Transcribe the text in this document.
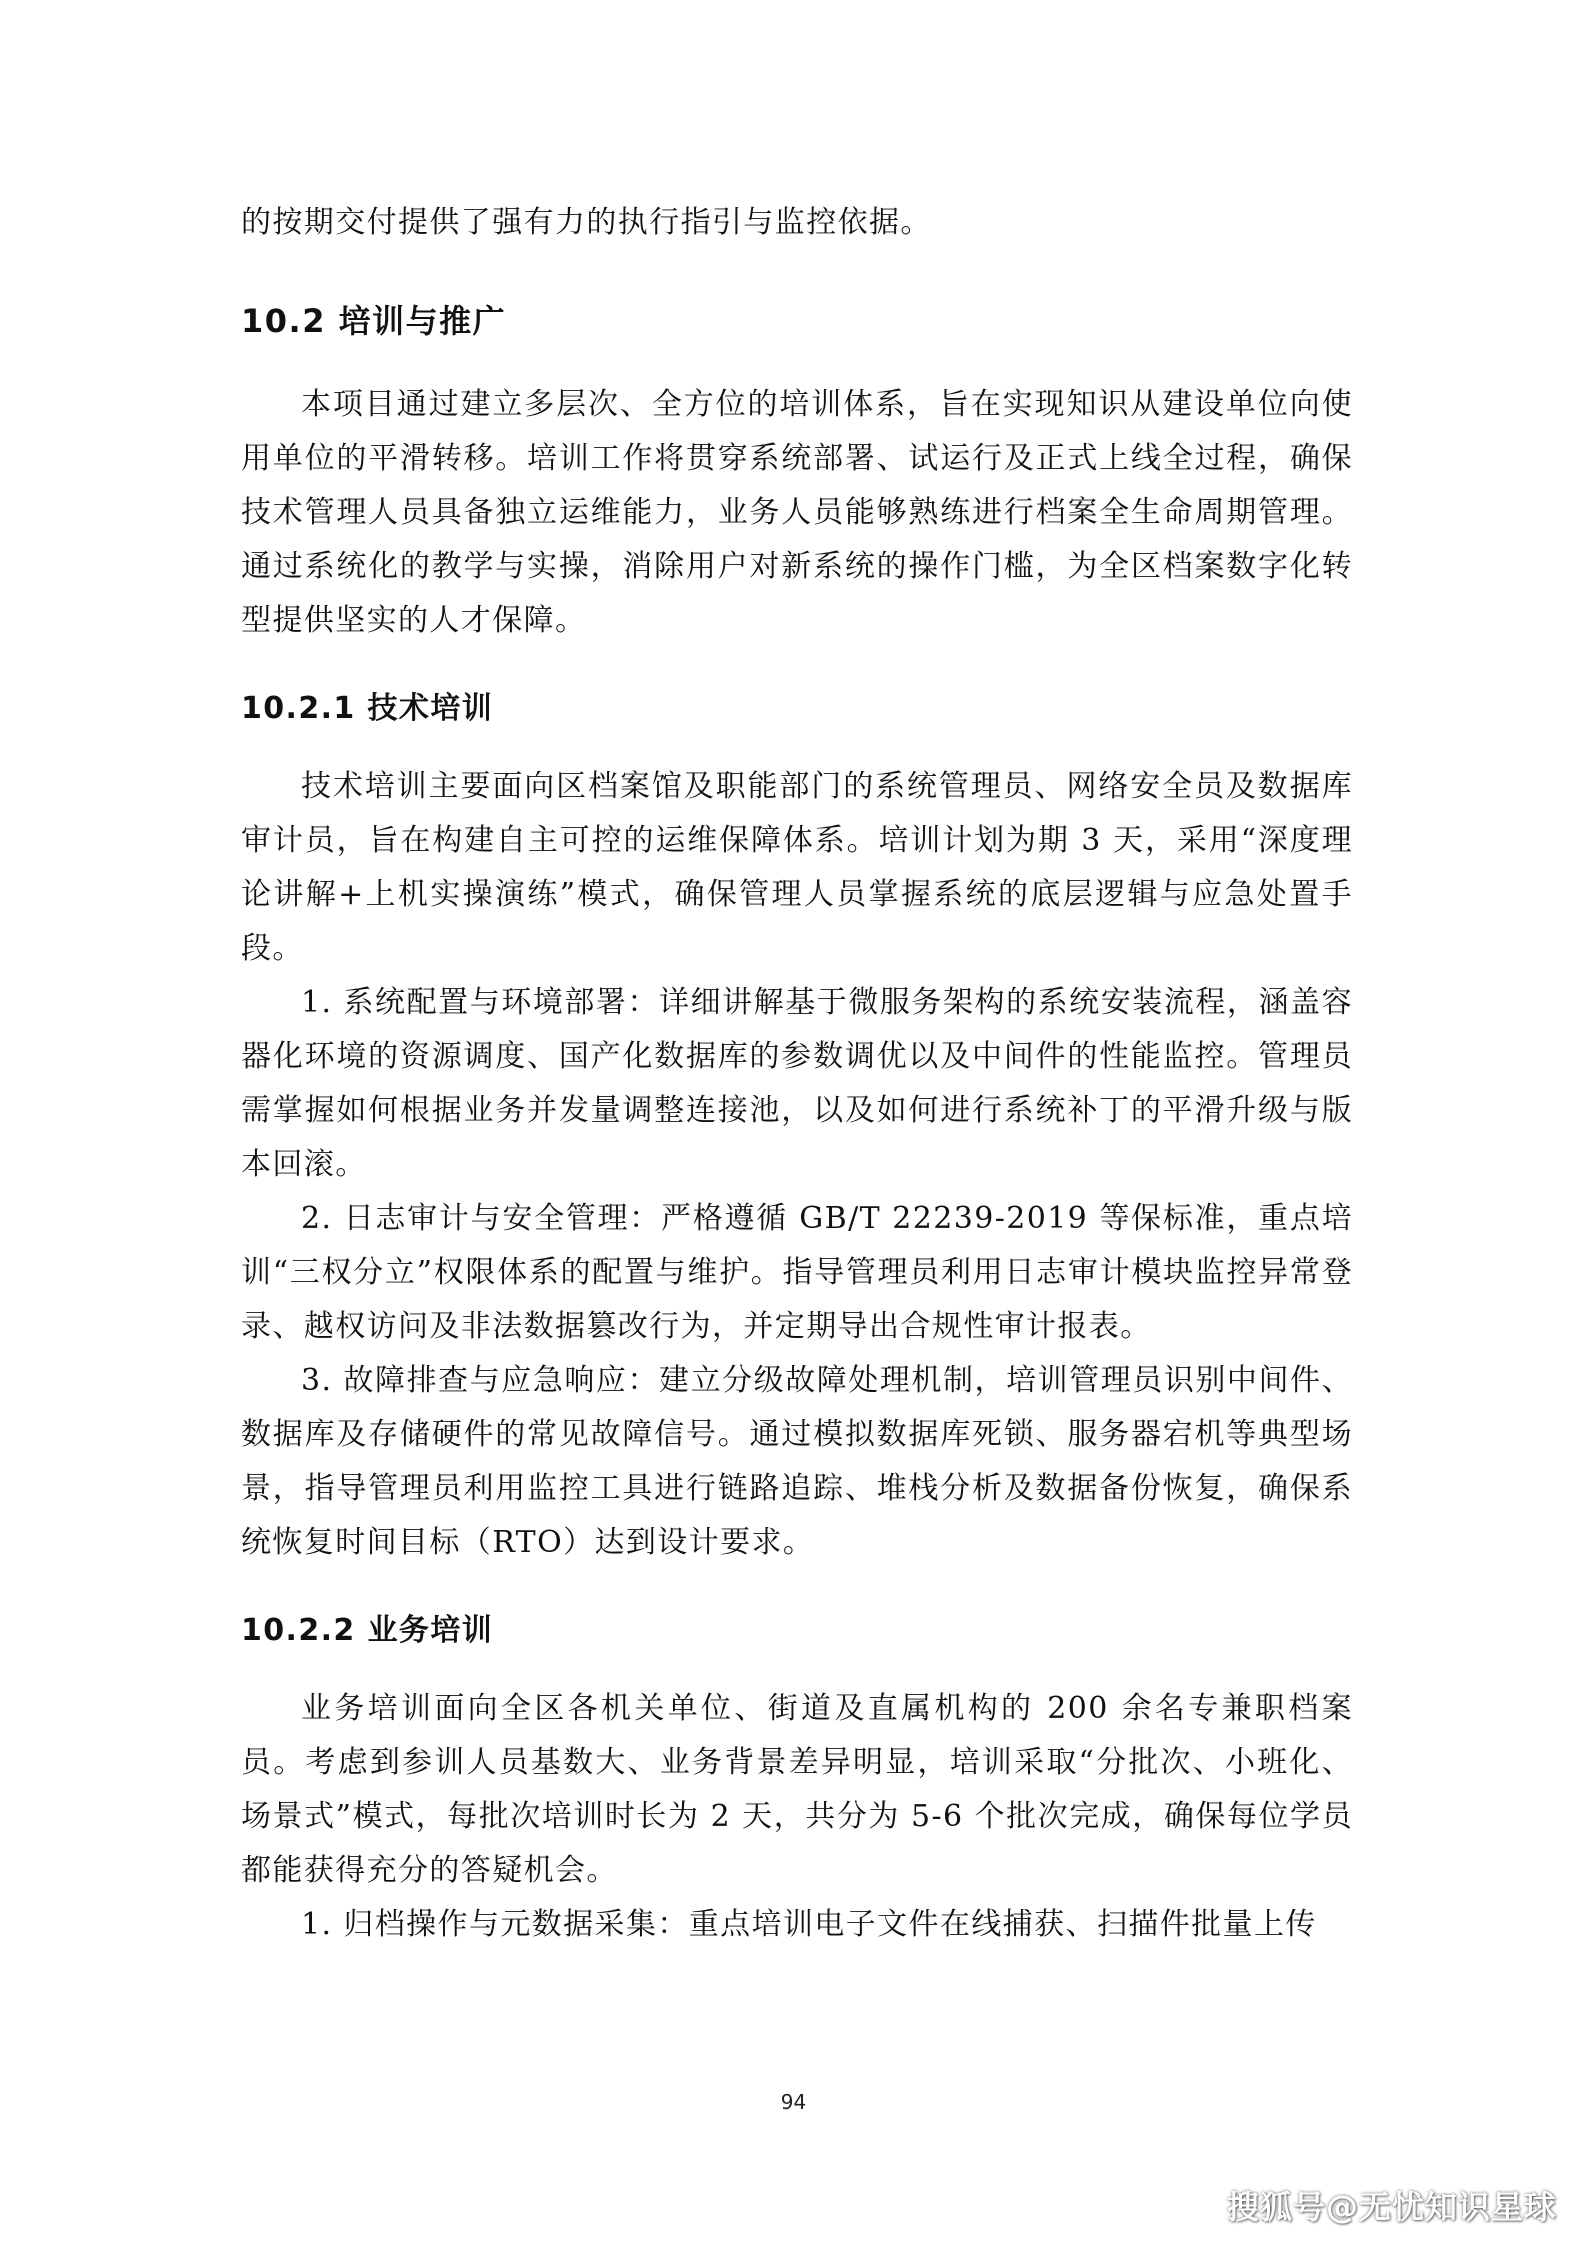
的按期交付提供了强有力的执行指引与监控依据。

10.2 培训与推广

本项目通过建立多层次、全方位的培训体系，旨在实现知识从建设单位向使用单位的平滑转移。培训工作将贯穿系统部署、试运行及正式上线全过程，确保技术管理人员具备独立运维能力，业务人员能够熟练进行档案全生命周期管理。通过系统化的教学与实操，消除用户对新系统的操作门槛，为全区档案数字化转型提供坚实的人才保障。

10.2.1 技术培训

技术培训主要面向区档案馆及职能部门的系统管理员、网络安全员及数据库审计员，旨在构建自主可控的运维保障体系。培训计划为期 3 天，采用“深度理论讲解+上机实操演练”模式，确保管理人员掌握系统的底层逻辑与应急处置手段。

1. 系统配置与环境部署：详细讲解基于微服务架构的系统安装流程，涵盖容器化环境的资源调度、国产化数据库的参数调优以及中间件的性能监控。管理员需掌握如何根据业务并发量调整连接池，以及如何进行系统补丁的平滑升级与版本回滚。

2. 日志审计与安全管理：严格遵循 GB/T 22239-2019 等保标准，重点培训“三权分立”权限体系的配置与维护。指导管理员利用日志审计模块监控异常登录、越权访问及非法数据篡改行为，并定期导出合规性审计报表。

3. 故障排查与应急响应：建立分级故障处理机制，培训管理员识别中间件、数据库及存储硬件的常见故障信号。通过模拟数据库死锁、服务器宕机等典型场景，指导管理员利用监控工具进行链路追踪、堆栈分析及数据备份恢复，确保系统恢复时间目标（RTO）达到设计要求。

10.2.2 业务培训

业务培训面向全区各机关单位、街道及直属机构的 200 余名专兼职档案员。考虑到参训人员基数大、业务背景差异明显，培训采取“分批次、小班化、场景式”模式，每批次培训时长为 2 天，共分为 5-6 个批次完成，确保每位学员都能获得充分的答疑机会。

1. 归档操作与元数据采集：重点培训电子文件在线捕获、扫描件批量上传

94
搜狐号@无忧知识星球
